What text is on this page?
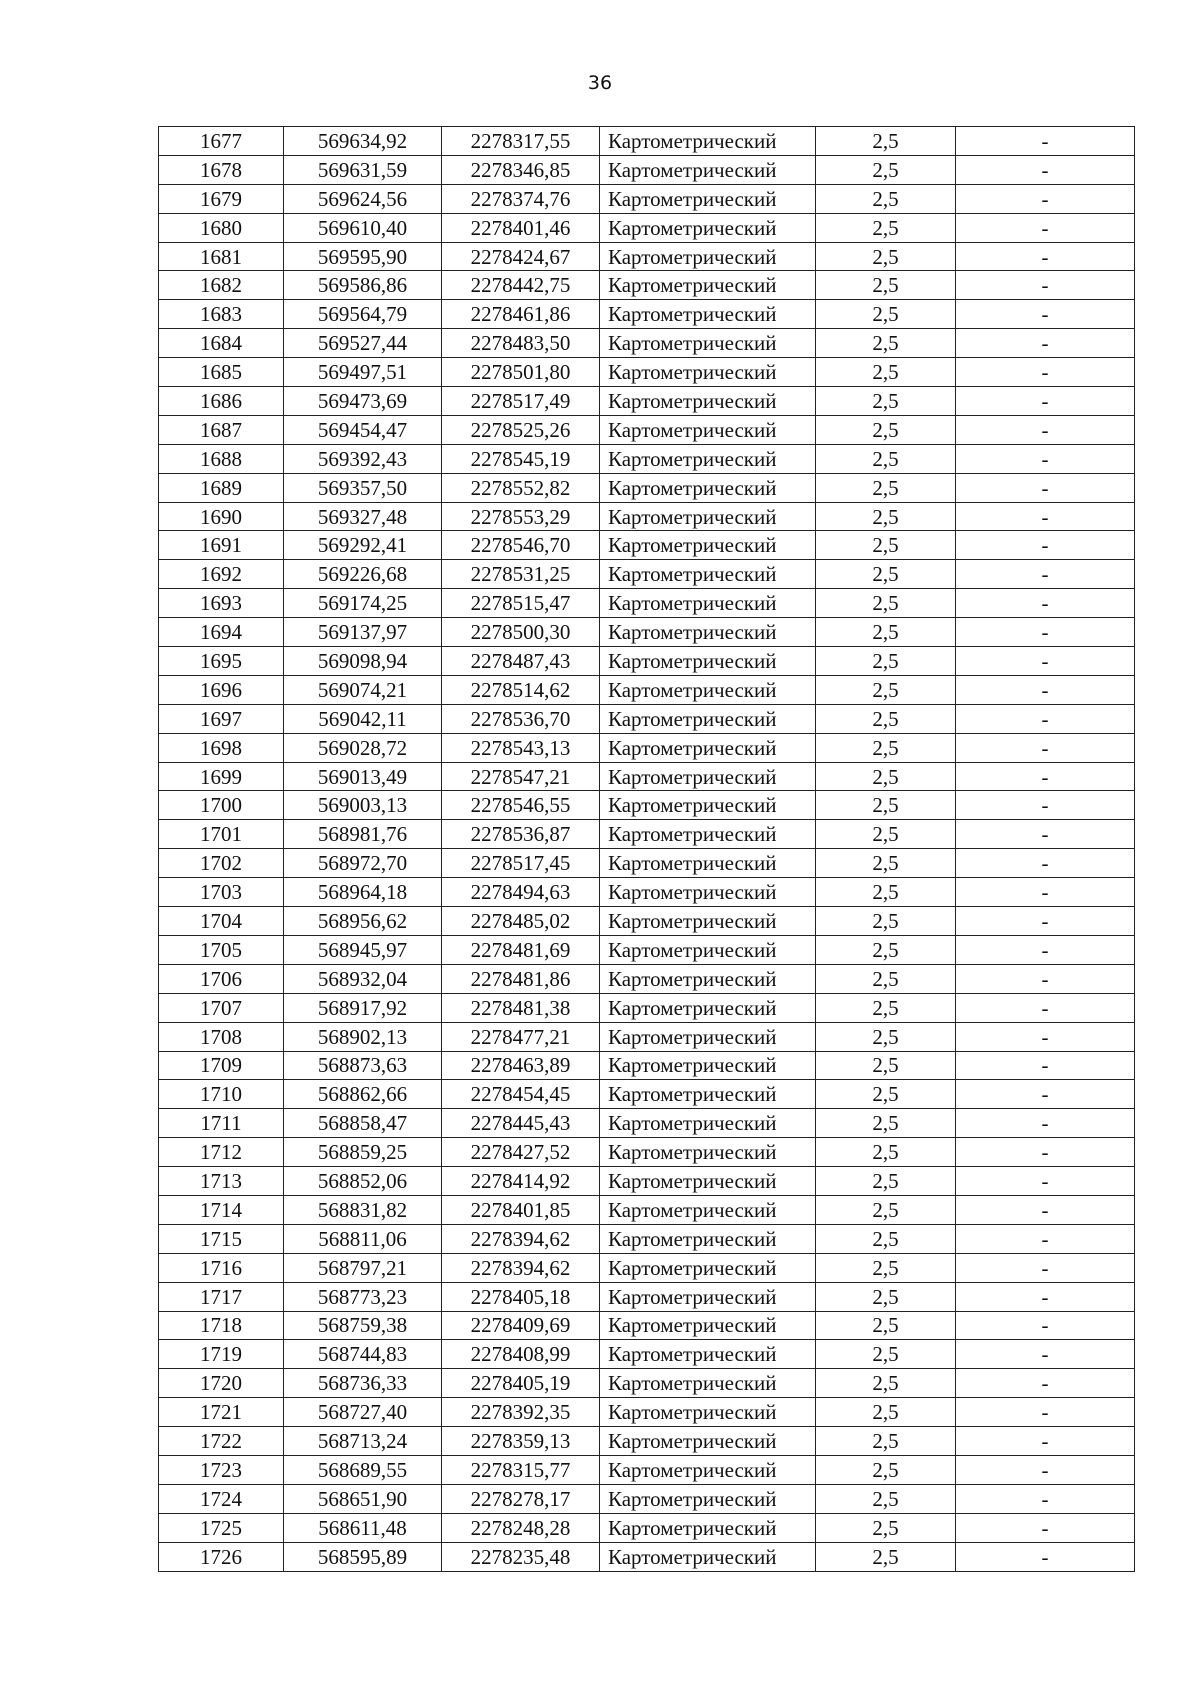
36
1677	569634,92	2278317,55	Картометрический	2,5	-
1678	569631,59	2278346,85	Картометрический	2,5	-
1679	569624,56	2278374,76	Картометрический	2,5	-
1680	569610,40	2278401,46	Картометрический	2,5	-
1681	569595,90	2278424,67	Картометрический	2,5	-
1682	569586,86	2278442,75	Картометрический	2,5	-
1683	569564,79	2278461,86	Картометрический	2,5	-
1684	569527,44	2278483,50	Картометрический	2,5	-
1685	569497,51	2278501,80	Картометрический	2,5	-
1686	569473,69	2278517,49	Картометрический	2,5	-
1687	569454,47	2278525,26	Картометрический	2,5	-
1688	569392,43	2278545,19	Картометрический	2,5	-
1689	569357,50	2278552,82	Картометрический	2,5	-
1690	569327,48	2278553,29	Картометрический	2,5	-
1691	569292,41	2278546,70	Картометрический	2,5	-
1692	569226,68	2278531,25	Картометрический	2,5	-
1693	569174,25	2278515,47	Картометрический	2,5	-
1694	569137,97	2278500,30	Картометрический	2,5	-
1695	569098,94	2278487,43	Картометрический	2,5	-
1696	569074,21	2278514,62	Картометрический	2,5	-
1697	569042,11	2278536,70	Картометрический	2,5	-
1698	569028,72	2278543,13	Картометрический	2,5	-
1699	569013,49	2278547,21	Картометрический	2,5	-
1700	569003,13	2278546,55	Картометрический	2,5	-
1701	568981,76	2278536,87	Картометрический	2,5	-
1702	568972,70	2278517,45	Картометрический	2,5	-
1703	568964,18	2278494,63	Картометрический	2,5	-
1704	568956,62	2278485,02	Картометрический	2,5	-
1705	568945,97	2278481,69	Картометрический	2,5	-
1706	568932,04	2278481,86	Картометрический	2,5	-
1707	568917,92	2278481,38	Картометрический	2,5	-
1708	568902,13	2278477,21	Картометрический	2,5	-
1709	568873,63	2278463,89	Картометрический	2,5	-
1710	568862,66	2278454,45	Картометрический	2,5	-
1711	568858,47	2278445,43	Картометрический	2,5	-
1712	568859,25	2278427,52	Картометрический	2,5	-
1713	568852,06	2278414,92	Картометрический	2,5	-
1714	568831,82	2278401,85	Картометрический	2,5	-
1715	568811,06	2278394,62	Картометрический	2,5	-
1716	568797,21	2278394,62	Картометрический	2,5	-
1717	568773,23	2278405,18	Картометрический	2,5	-
1718	568759,38	2278409,69	Картометрический	2,5	-
1719	568744,83	2278408,99	Картометрический	2,5	-
1720	568736,33	2278405,19	Картометрический	2,5	-
1721	568727,40	2278392,35	Картометрический	2,5	-
1722	568713,24	2278359,13	Картометрический	2,5	-
1723	568689,55	2278315,77	Картометрический	2,5	-
1724	568651,90	2278278,17	Картометрический	2,5	-
1725	568611,48	2278248,28	Картометрический	2,5	-
1726	568595,89	2278235,48	Картометрический	2,5	-
